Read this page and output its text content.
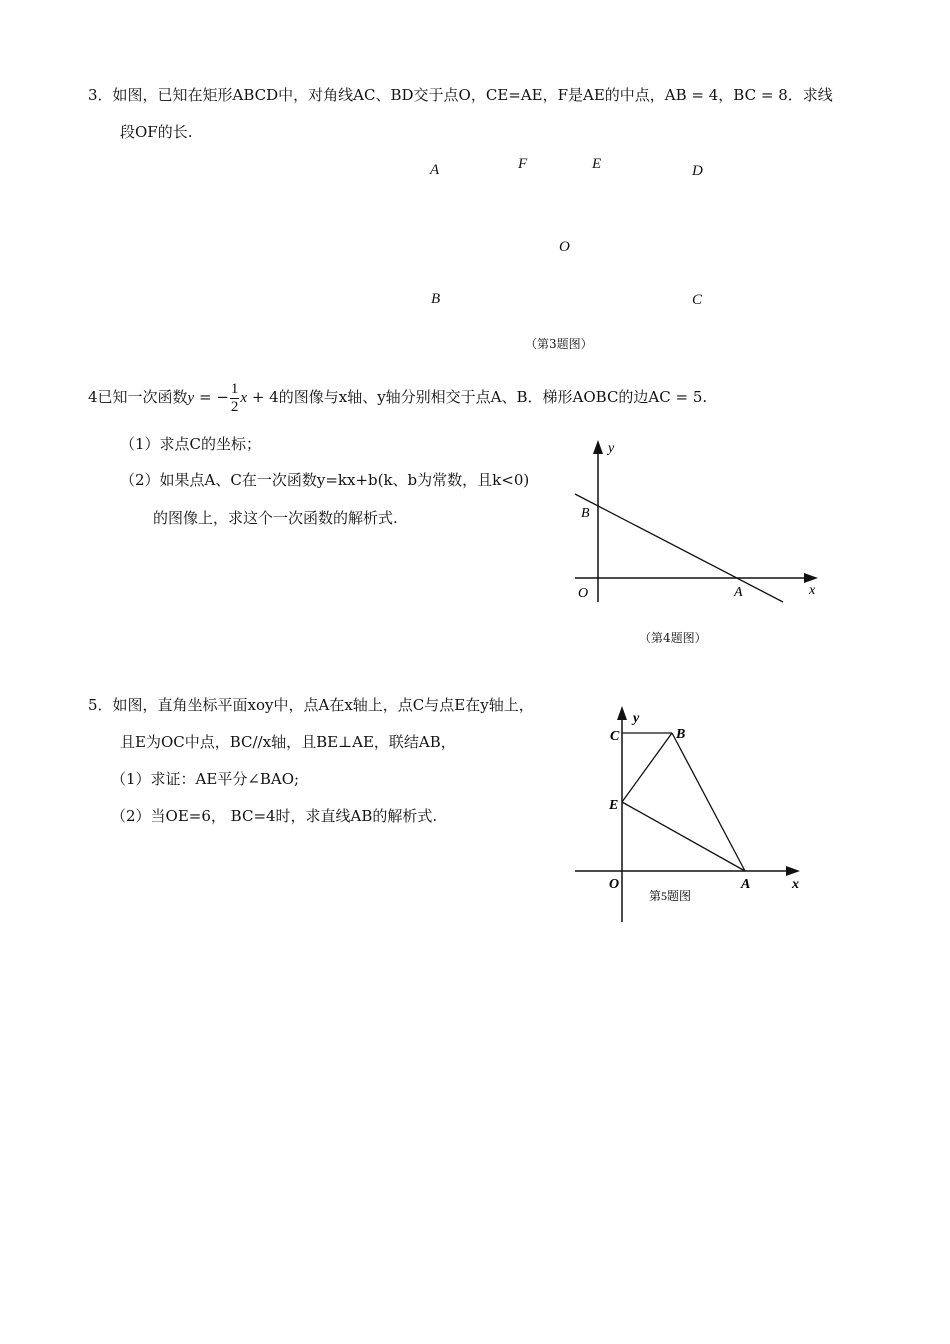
3．如图，已知在矩形ABCD中，对角线AC、BD交于点O，CE=AE，F是AE的中点，AB = 4，BC = 8．求线
段OF的长.
A	F	E	D
O
B	C
（第3题图）
4已知一次函数y = − $\frac{1}{2}$ x + 4的图像与x轴、y轴分别相交于点A、B．梯形AOBC的边AC = 5.
（1）求点C的坐标；
（2）如果点A、C在一次函数y=kx+b(k、b为常数，且k<0)
的图像上，求这个一次函数的解析式.
y
B
O	A	x
（第4题图）
5．如图，直角坐标平面xoy中，点A在x轴上，点C与点E在y轴上，
且E为OC中点，BC//x轴，且BE⊥AE，联结AB，
（1）求证：AE平分∠BAO;
（2）当OE=6， BC=4时，求直线AB的解析式.
y
C	B
E
O	A	x
第5题图
